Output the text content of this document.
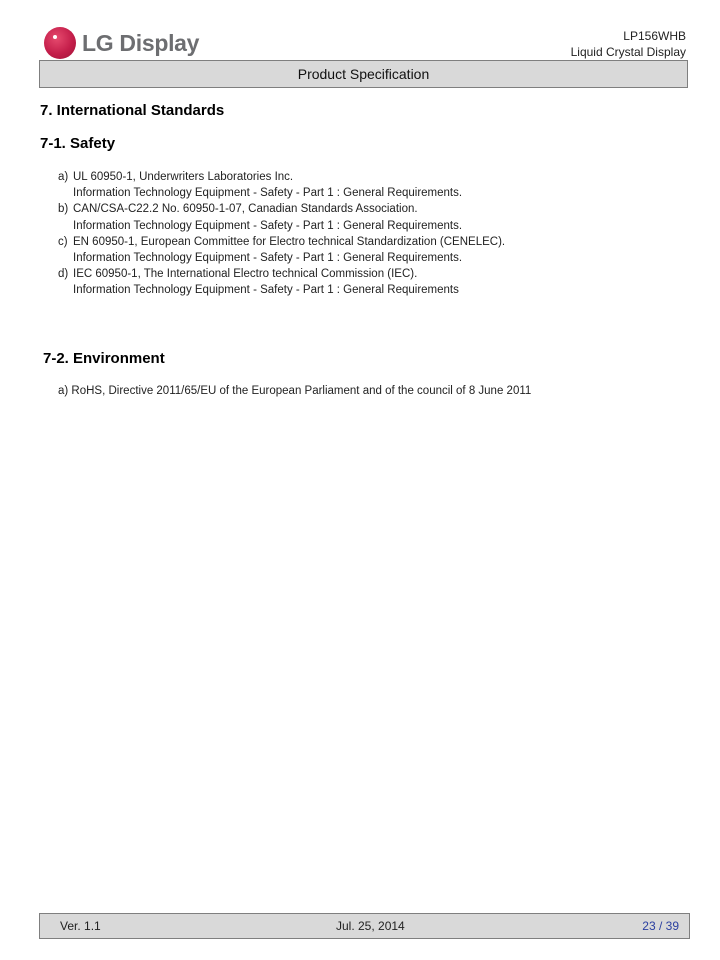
LG Display	LP156WHB
Liquid Crystal Display
Product Specification
7. International Standards
7-1. Safety
a) UL 60950-1, Underwriters Laboratories Inc.
Information Technology Equipment - Safety - Part 1 : General Requirements.
b) CAN/CSA-C22.2 No. 60950-1-07, Canadian Standards Association.
Information Technology Equipment - Safety - Part 1 : General Requirements.
c) EN 60950-1, European Committee for Electro technical Standardization (CENELEC).
Information Technology Equipment - Safety - Part 1 : General Requirements.
d) IEC 60950-1, The International Electro technical Commission (IEC).
Information Technology Equipment - Safety - Part 1 : General Requirements
7-2. Environment
a) RoHS, Directive 2011/65/EU of the European Parliament and of the council of 8 June 2011
Ver. 1.1	Jul. 25, 2014	23 / 39
